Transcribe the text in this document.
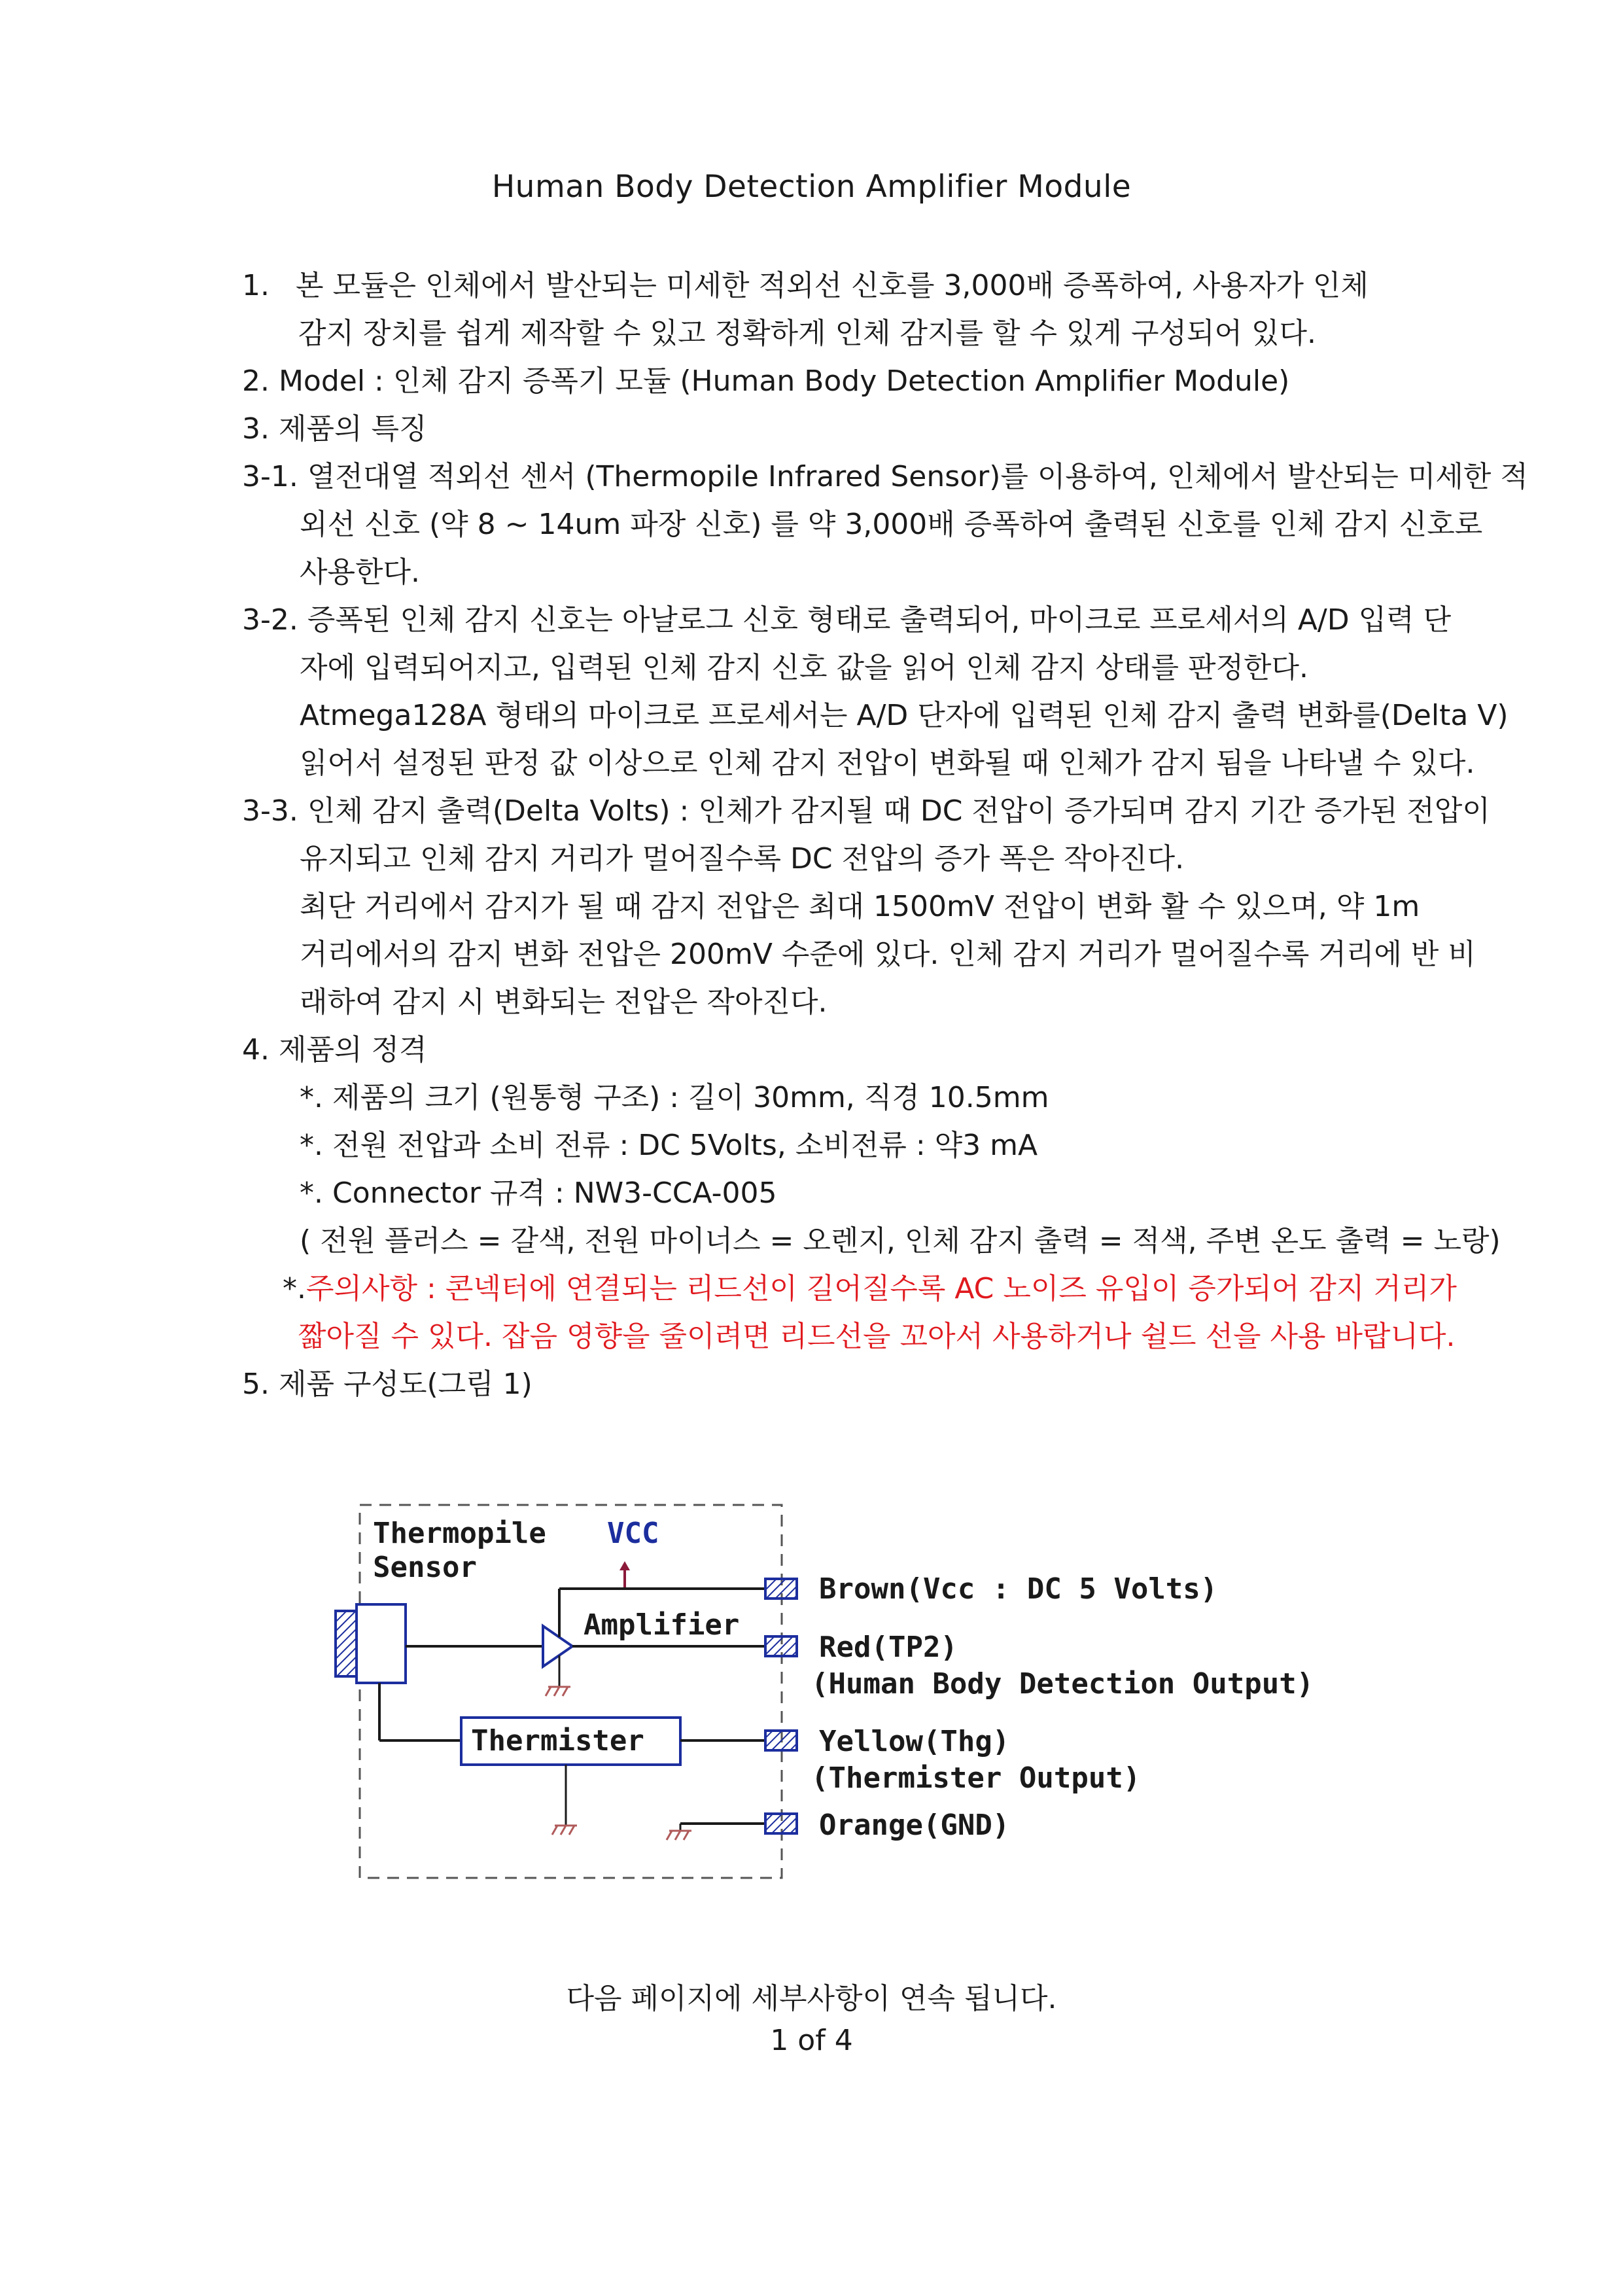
Human Body Detection Amplifier Module
1. 본 모듈은 인체에서 발산되는 미세한 적외선 신호를 3,000배 증폭하여, 사용자가 인체
감지 장치를 쉽게 제작할 수 있고 정확하게 인체 감지를 할 수 있게 구성되어 있다.
2. Model : 인체 감지 증폭기 모듈 (Human Body Detection Amplifier Module)
3. 제품의 특징
3-1. 열전대열 적외선 센서 (Thermopile Infrared Sensor)를 이용하여, 인체에서 발산되는 미세한 적
외선 신호 (약 8 ~ 14um 파장 신호) 를 약 3,000배 증폭하여 출력된 신호를 인체 감지 신호로
사용한다.
3-2. 증폭된 인체 감지 신호는 아날로그 신호 형태로 출력되어, 마이크로 프로세서의 A/D 입력 단
자에 입력되어지고, 입력된 인체 감지 신호 값을 읽어 인체 감지 상태를 판정한다.
Atmega128A 형태의 마이크로 프로세서는 A/D 단자에 입력된 인체 감지 출력 변화를(Delta V)
읽어서 설정된 판정 값 이상으로 인체 감지 전압이 변화될 때 인체가 감지 됨을 나타낼 수 있다.
3-3. 인체 감지 출력(Delta Volts) : 인체가 감지될 때 DC 전압이 증가되며 감지 기간 증가된 전압이
유지되고 인체 감지 거리가 멀어질수록 DC 전압의 증가 폭은 작아진다.
최단 거리에서 감지가 될 때 감지 전압은 최대 1500mV 전압이 변화 활 수 있으며, 약 1m
거리에서의 감지 변화 전압은 200mV 수준에 있다. 인체 감지 거리가 멀어질수록 거리에 반 비
래하여 감지 시 변화되는 전압은 작아진다.
4. 제품의 정격
*. 제품의 크기 (원통형 구조) : 길이 30mm, 직경 10.5mm
*. 전원 전압과 소비 전류 : DC 5Volts, 소비전류 : 약3 mA
*. Connector 규격 : NW3-CCA-005
( 전원 플러스 = 갈색, 전원 마이너스 = 오렌지, 인체 감지 출력 = 적색, 주변 온도 출력 = 노랑)
*.주의사항 : 콘넥터에 연결되는 리드선이 길어질수록 AC 노이즈 유입이 증가되어 감지 거리가
짧아질 수 있다. 잡음 영향을 줄이려면 리드선을 꼬아서 사용하거나 쉴드 선을 사용 바랍니다.
5. 제품 구성도(그림 1)
Thermopile
Sensor
VCC
Amplifier
Thermister
Brown(Vcc : DC 5 Volts)
Red(TP2)
(Human Body Detection Output)
Yellow(Thg)
(Thermister Output)
Orange(GND)
다음 페이지에 세부사항이 연속 됩니다.
1 of 4
